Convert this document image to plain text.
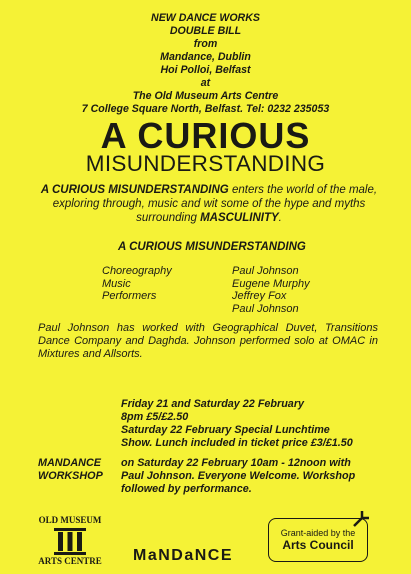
NEW DANCE WORKS
DOUBLE BILL
from
Mandance, Dublin
Hoi Polloi, Belfast
at
The Old Museum Arts Centre
7 College Square North, Belfast. Tel: 0232 235053
A CURIOUS
MISUNDERSTANDING
A CURIOUS MISUNDERSTANDING enters the world of the male, exploring through, music and wit some of the hype and myths surrounding MASCULINITY.
A CURIOUS MISUNDERSTANDING
Choreography
Music
Performers
Paul Johnson
Eugene Murphy
Jeffrey Fox
Paul Johnson
Paul Johnson has worked with Geographical Duvet, Transitions Dance Company and Daghda. Johnson performed solo at OMAC in Mixtures and Allsorts.
Friday 21 and Saturday 22 February
8pm £5/£2.50
Saturday 22 February Special Lunchtime
Show. Lunch included in ticket price £3/£1.50
MANDANCE
WORKSHOP
on Saturday 22 February 10am - 12noon with
Paul Johnson. Everyone Welcome. Workshop
followed by performance.
OLD MUSEUM
ARTS CENTRE	MaNDaNCE
Grant-aided by the
Arts Council
